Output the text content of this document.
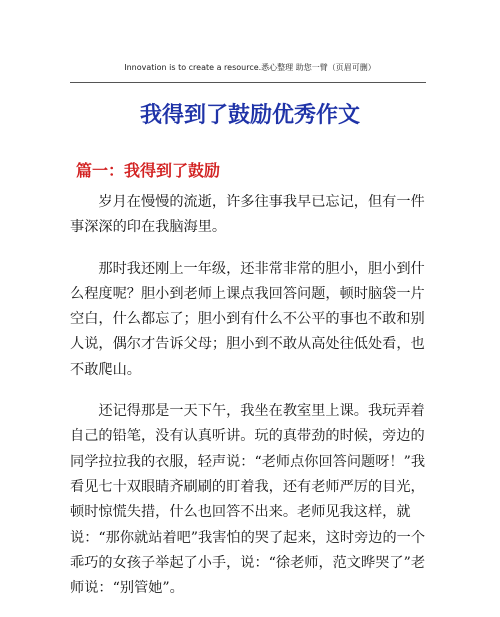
Innovation is to create a resource.悉心整理 助您一臂（页眉可删）
我得到了鼓励优秀作文
篇一：我得到了鼓励

岁月在慢慢的流逝，许多往事我早已忘记，但有一件事深深的印在我脑海里。

那时我还刚上一年级，还非常非常的胆小，胆小到什么程度呢？胆小到老师上课点我回答问题，顿时脑袋一片空白，什么都忘了；胆小到有什么不公平的事也不敢和别人说，偶尔才告诉父母；胆小到不敢从高处往低处看，也不敢爬山。

还记得那是一天下午，我坐在教室里上课。我玩弄着自己的铅笔，没有认真听讲。玩的真带劲的时候，旁边的同学拉拉我的衣服，轻声说：“老师点你回答问题呀！”我看见七十双眼睛齐刷刷的盯着我，还有老师严厉的目光，顿时惊慌失措，什么也回答不出来。老师见我这样，就说：“那你就站着吧”我害怕的哭了起来，这时旁边的一个乖巧的女孩子举起了小手，说：“徐老师，范文晔哭了”老师说：“别管她”。
